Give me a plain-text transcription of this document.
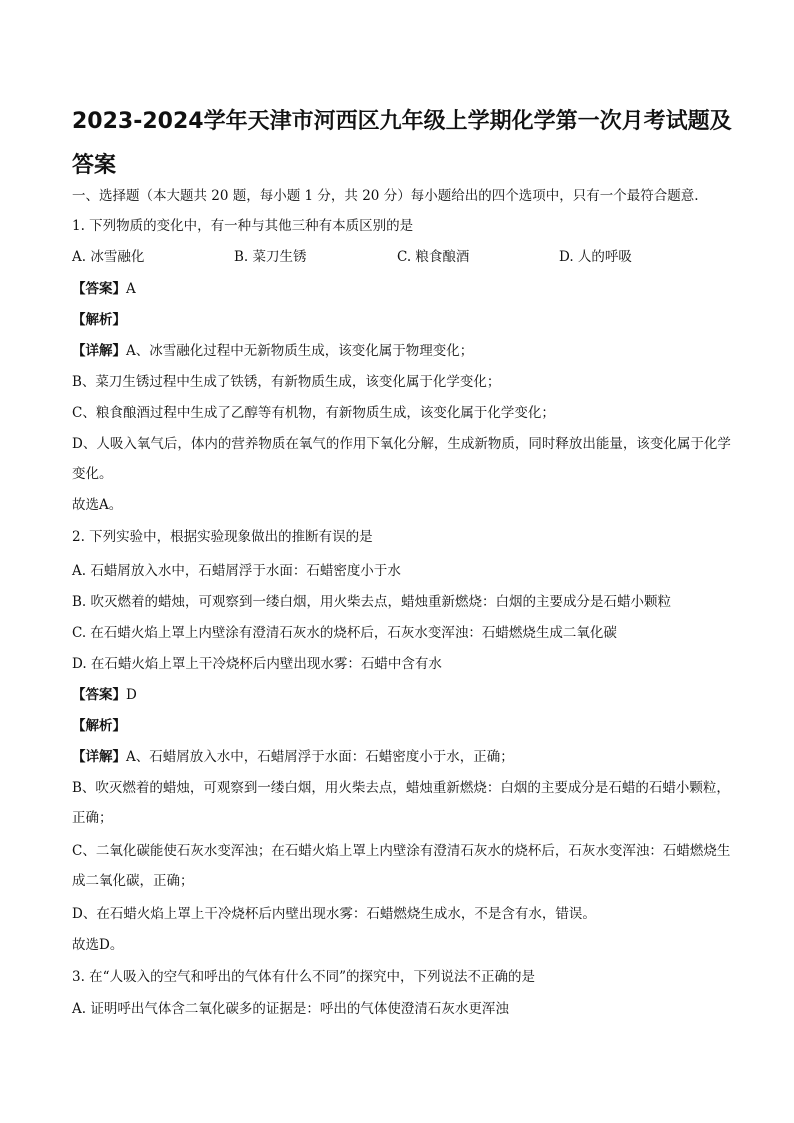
2023-2024学年天津市河西区九年级上学期化学第一次月考试题及答案
一、选择题（本大题共 20 题，每小题 1 分，共 20 分）每小题给出的四个选项中，只有一个最符合题意.
1. 下列物质的变化中，有一种与其他三种有本质区别的是
A. 冰雪融化	B. 菜刀生锈	C. 粮食酿酒	D. 人的呼吸
【答案】A
【解析】
【详解】A、冰雪融化过程中无新物质生成，该变化属于物理变化；
B、菜刀生锈过程中生成了铁锈，有新物质生成，该变化属于化学变化；
C、粮食酿酒过程中生成了乙醇等有机物，有新物质生成，该变化属于化学变化；
D、人吸入氧气后，体内的营养物质在氧气的作用下氧化分解，生成新物质，同时释放出能量，该变化属于化学变化。
故选A。
2. 下列实验中，根据实验现象做出的推断有误的是
A. 石蜡屑放入水中，石蜡屑浮于水面：石蜡密度小于水
B. 吹灭燃着的蜡烛，可观察到一缕白烟，用火柴去点，蜡烛重新燃烧：白烟的主要成分是石蜡小颗粒
C. 在石蜡火焰上罩上内壁涂有澄清石灰水的烧杯后，石灰水变浑浊：石蜡燃烧生成二氧化碳
D. 在石蜡火焰上罩上干冷烧杯后内壁出现水雾：石蜡中含有水
【答案】D
【解析】
【详解】A、石蜡屑放入水中，石蜡屑浮于水面：石蜡密度小于水，正确；
B、吹灭燃着的蜡烛，可观察到一缕白烟，用火柴去点，蜡烛重新燃烧：白烟的主要成分是石蜡的石蜡小颗粒，正确；
C、二氧化碳能使石灰水变浑浊；在石蜡火焰上罩上内壁涂有澄清石灰水的烧杯后，石灰水变浑浊：石蜡燃烧生成二氧化碳，正确；
D、在石蜡火焰上罩上干冷烧杯后内壁出现水雾：石蜡燃烧生成水，不是含有水，错误。
故选D。
3. 在“人吸入的空气和呼出的气体有什么不同”的探究中，下列说法不正确的是
A. 证明呼出气体含二氧化碳多的证据是：呼出的气体使澄清石灰水更浑浊
